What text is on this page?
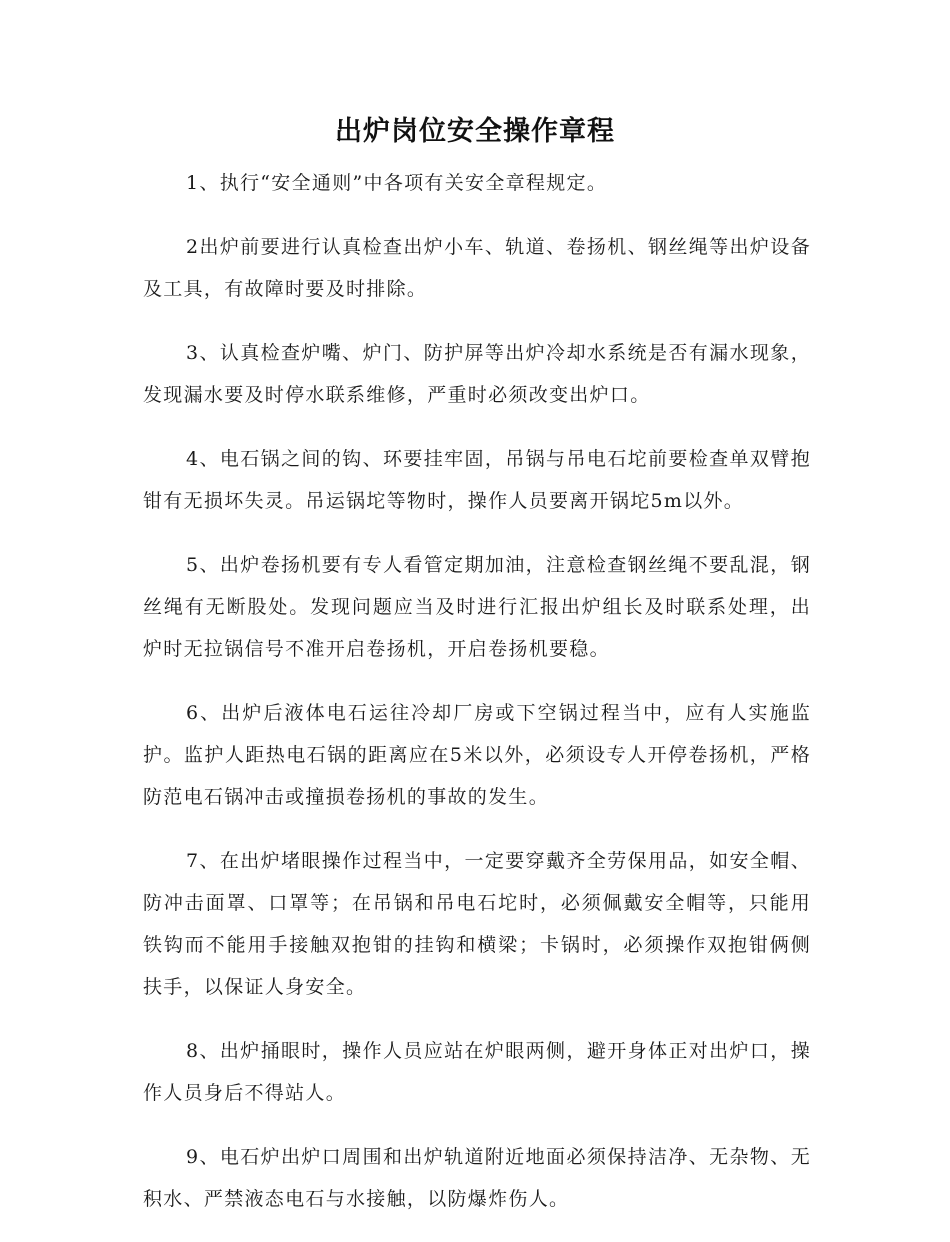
出炉岗位安全操作章程

1、执行“安全通则”中各项有关安全章程规定。

2出炉前要进行认真检查出炉小车、轨道、卷扬机、钢丝绳等出炉设备及工具，有故障时要及时排除。

3、认真检查炉嘴、炉门、防护屏等出炉冷却水系统是否有漏水现象，发现漏水要及时停水联系维修，严重时必须改变出炉口。

4、电石锅之间的钩、环要挂牢固，吊锅与吊电石坨前要检查单双臂抱钳有无损坏失灵。吊运锅坨等物时，操作人员要离开锅坨5m以外。

5、出炉卷扬机要有专人看管定期加油，注意检查钢丝绳不要乱混，钢丝绳有无断股处。发现问题应当及时进行汇报出炉组长及时联系处理，出炉时无拉锅信号不准开启卷扬机，开启卷扬机要稳。

6、出炉后液体电石运往冷却厂房或下空锅过程当中，应有人实施监护。监护人距热电石锅的距离应在5米以外，必须设专人开停卷扬机，严格防范电石锅冲击或撞损卷扬机的事故的发生。

7、在出炉堵眼操作过程当中，一定要穿戴齐全劳保用品，如安全帽、防冲击面罩、口罩等；在吊锅和吊电石坨时，必须佩戴安全帽等，只能用铁钩而不能用手接触双抱钳的挂钩和横梁；卡锅时，必须操作双抱钳俩侧扶手，以保证人身安全。

8、出炉捅眼时，操作人员应站在炉眼两侧，避开身体正对出炉口，操作人员身后不得站人。

9、电石炉出炉口周围和出炉轨道附近地面必须保持洁净、无杂物、无积水、严禁液态电石与水接触，以防爆炸伤人。
